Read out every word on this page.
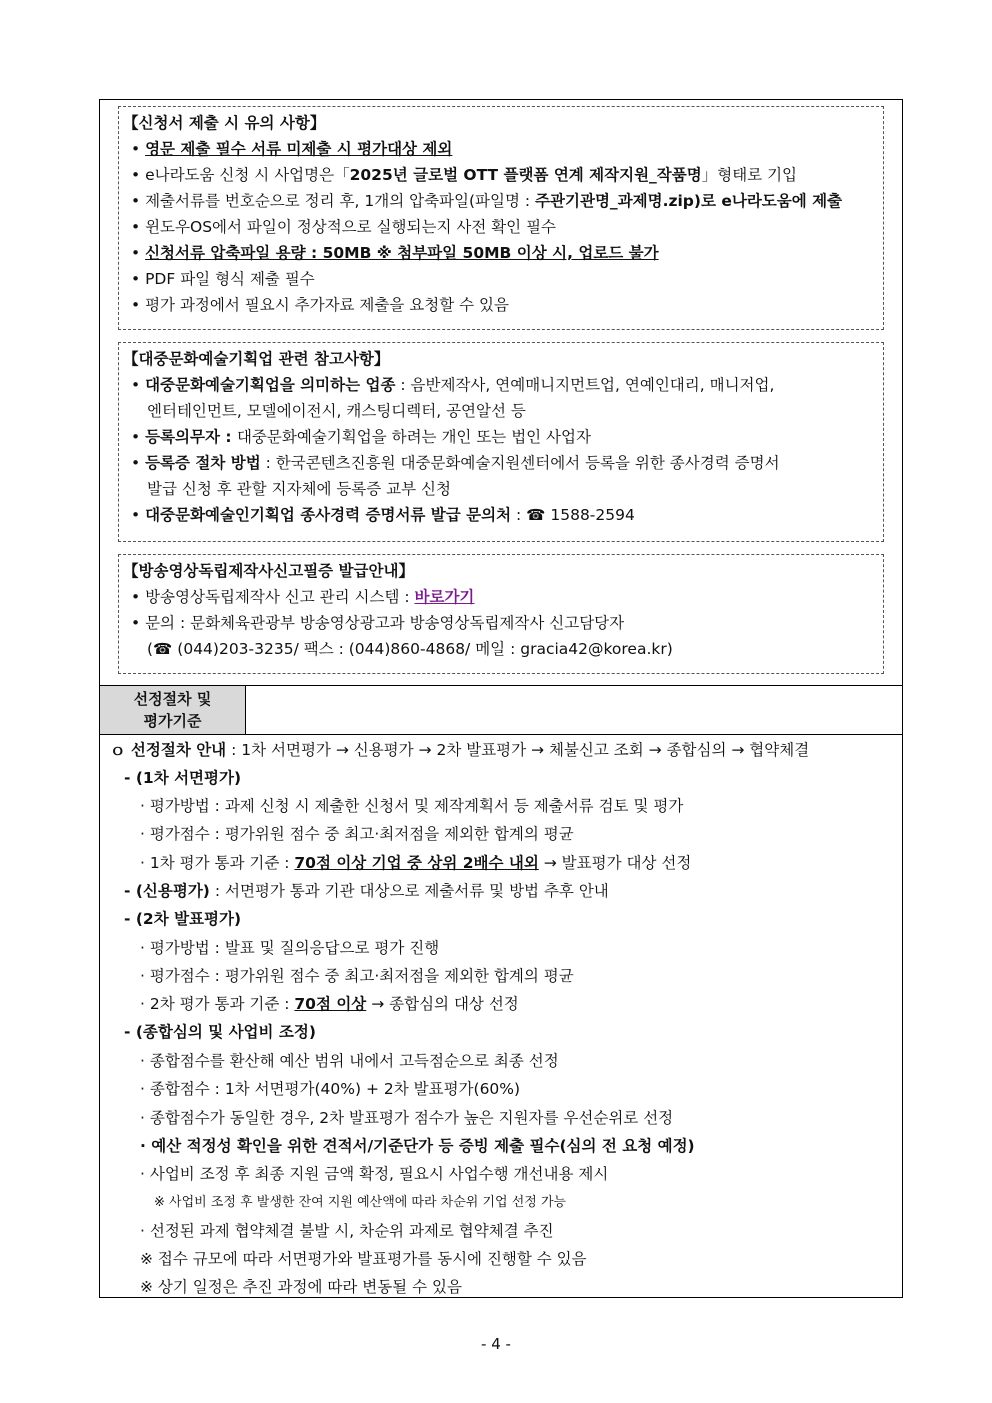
【신청서 제출 시 유의 사항】
• 영문 제출 필수 서류 미제출 시 평가대상 제외
• e나라도움 신청 시 사업명은「2025년 글로벌 OTT 플랫폼 연계 제작지원_작품명」형태로 기입
• 제출서류를 번호순으로 정리 후, 1개의 압축파일(파일명 : 주관기관명_과제명.zip)로 e나라도움에 제출
• 윈도우OS에서 파일이 정상적으로 실행되는지 사전 확인 필수
• 신청서류 압축파일 용량 : 50MB ※ 첨부파일 50MB 이상 시, 업로드 불가
• PDF 파일 형식 제출 필수
• 평가 과정에서 필요시 추가자료 제출을 요청할 수 있음
【대중문화예술기획업 관련 참고사항】
• 대중문화예술기획업을 의미하는 업종 : 음반제작사, 연예매니지먼트업, 연예인대리, 매니저업,
엔터테인먼트, 모델에이전시, 캐스팅디렉터, 공연알선 등
• 등록의무자 : 대중문화예술기획업을 하려는 개인 또는 법인 사업자
• 등록증 절차 방법 : 한국콘텐츠진흥원 대중문화예술지원센터에서 등록을 위한 종사경력 증명서
발급 신청 후 관할 지자체에 등록증 교부 신청
• 대중문화예술인기획업 종사경력 증명서류 발급 문의처 : ☎ 1588-2594
【방송영상독립제작사신고필증 발급안내】
• 방송영상독립제작사 신고 관리 시스템 : 바로가기
• 문의 : 문화체육관광부 방송영상광고과 방송영상독립제작사 신고담당자
(☎ (044)203-3235/ 팩스 : (044)860-4868/ 메일 : gracia42@korea.kr)
선정절차 및
평가기준
ｏ 선정절차 안내 : 1차 서면평가 → 신용평가 → 2차 발표평가 → 체불신고 조회 → 종합심의 → 협약체결
- (1차 서면평가)
· 평가방법 : 과제 신청 시 제출한 신청서 및 제작계획서 등 제출서류 검토 및 평가
· 평가점수 : 평가위원 점수 중 최고·최저점을 제외한 합계의 평균
· 1차 평가 통과 기준 : 70점 이상 기업 중 상위 2배수 내외 → 발표평가 대상 선정
- (신용평가) : 서면평가 통과 기관 대상으로 제출서류 및 방법 추후 안내
- (2차 발표평가)
· 평가방법 : 발표 및 질의응답으로 평가 진행
· 평가점수 : 평가위원 점수 중 최고·최저점을 제외한 합계의 평균
· 2차 평가 통과 기준 : 70점 이상 → 종합심의 대상 선정
- (종합심의 및 사업비 조정)
· 종합점수를 환산해 예산 범위 내에서 고득점순으로 최종 선정
· 종합점수 : 1차 서면평가(40%) + 2차 발표평가(60%)
· 종합점수가 동일한 경우, 2차 발표평가 점수가 높은 지원자를 우선순위로 선정
· 예산 적정성 확인을 위한 견적서/기준단가 등 증빙 제출 필수(심의 전 요청 예정)
· 사업비 조정 후 최종 지원 금액 확정, 필요시 사업수행 개선내용 제시
※ 사업비 조정 후 발생한 잔여 지원 예산액에 따라 차순위 기업 선정 가능
· 선정된 과제 협약체결 불발 시, 차순위 과제로 협약체결 추진
※ 접수 규모에 따라 서면평가와 발표평가를 동시에 진행할 수 있음
※ 상기 일정은 추진 과정에 따라 변동될 수 있음
- 4 -
